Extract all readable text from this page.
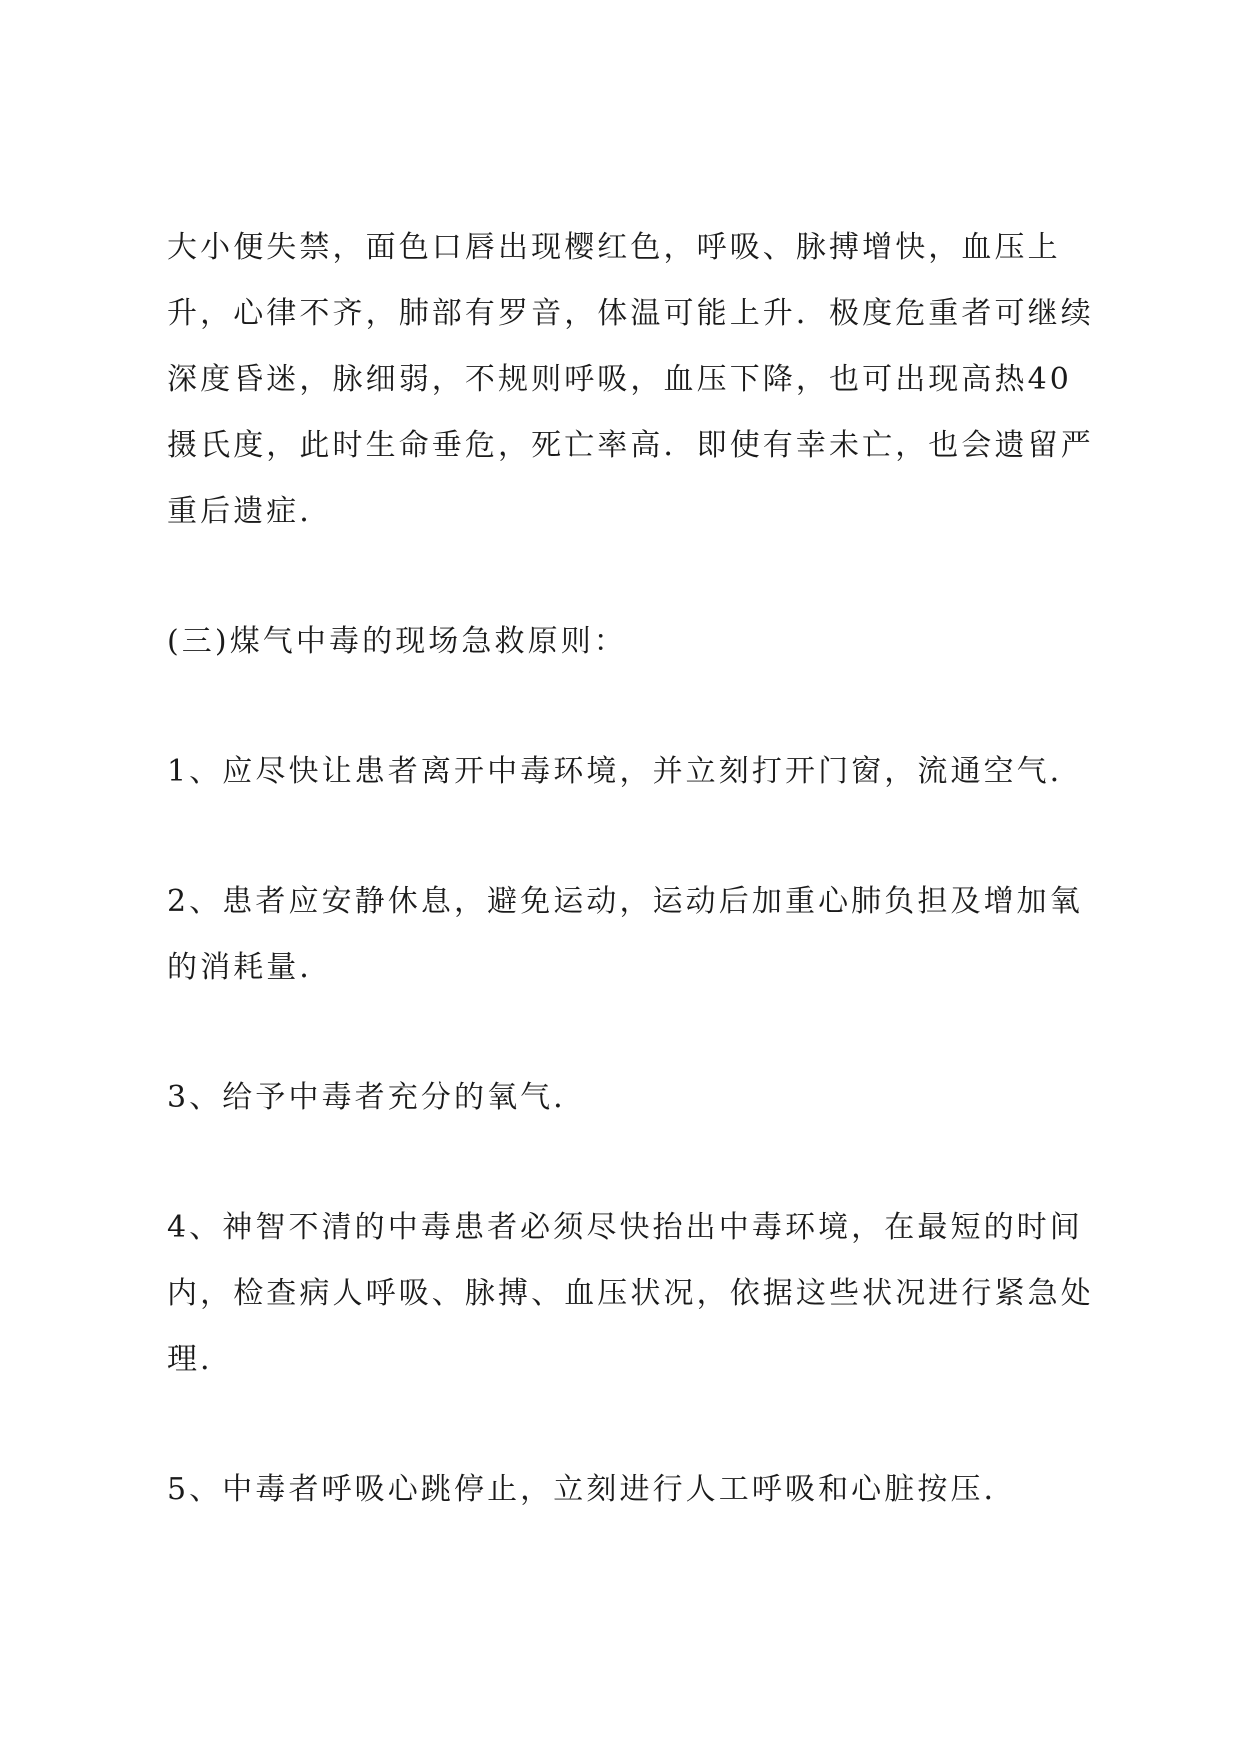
大小便失禁，面色口唇出现樱红色，呼吸、脉搏增快，血压上
升，心律不齐，肺部有罗音，体温可能上升．极度危重者可继续
深度昏迷，脉细弱，不规则呼吸，血压下降，也可出现高热40
摄氏度，此时生命垂危，死亡率高．即使有幸未亡，也会遗留严
重后遗症．
(三)煤气中毒的现场急救原则：
1、应尽快让患者离开中毒环境，并立刻打开门窗，流通空气．
2、患者应安静休息，避免运动，运动后加重心肺负担及增加氧
的消耗量．
3、给予中毒者充分的氧气．
4、神智不清的中毒患者必须尽快抬出中毒环境，在最短的时间
内，检查病人呼吸、脉搏、血压状况，依据这些状况进行紧急处
理．
5、中毒者呼吸心跳停止，立刻进行人工呼吸和心脏按压．
